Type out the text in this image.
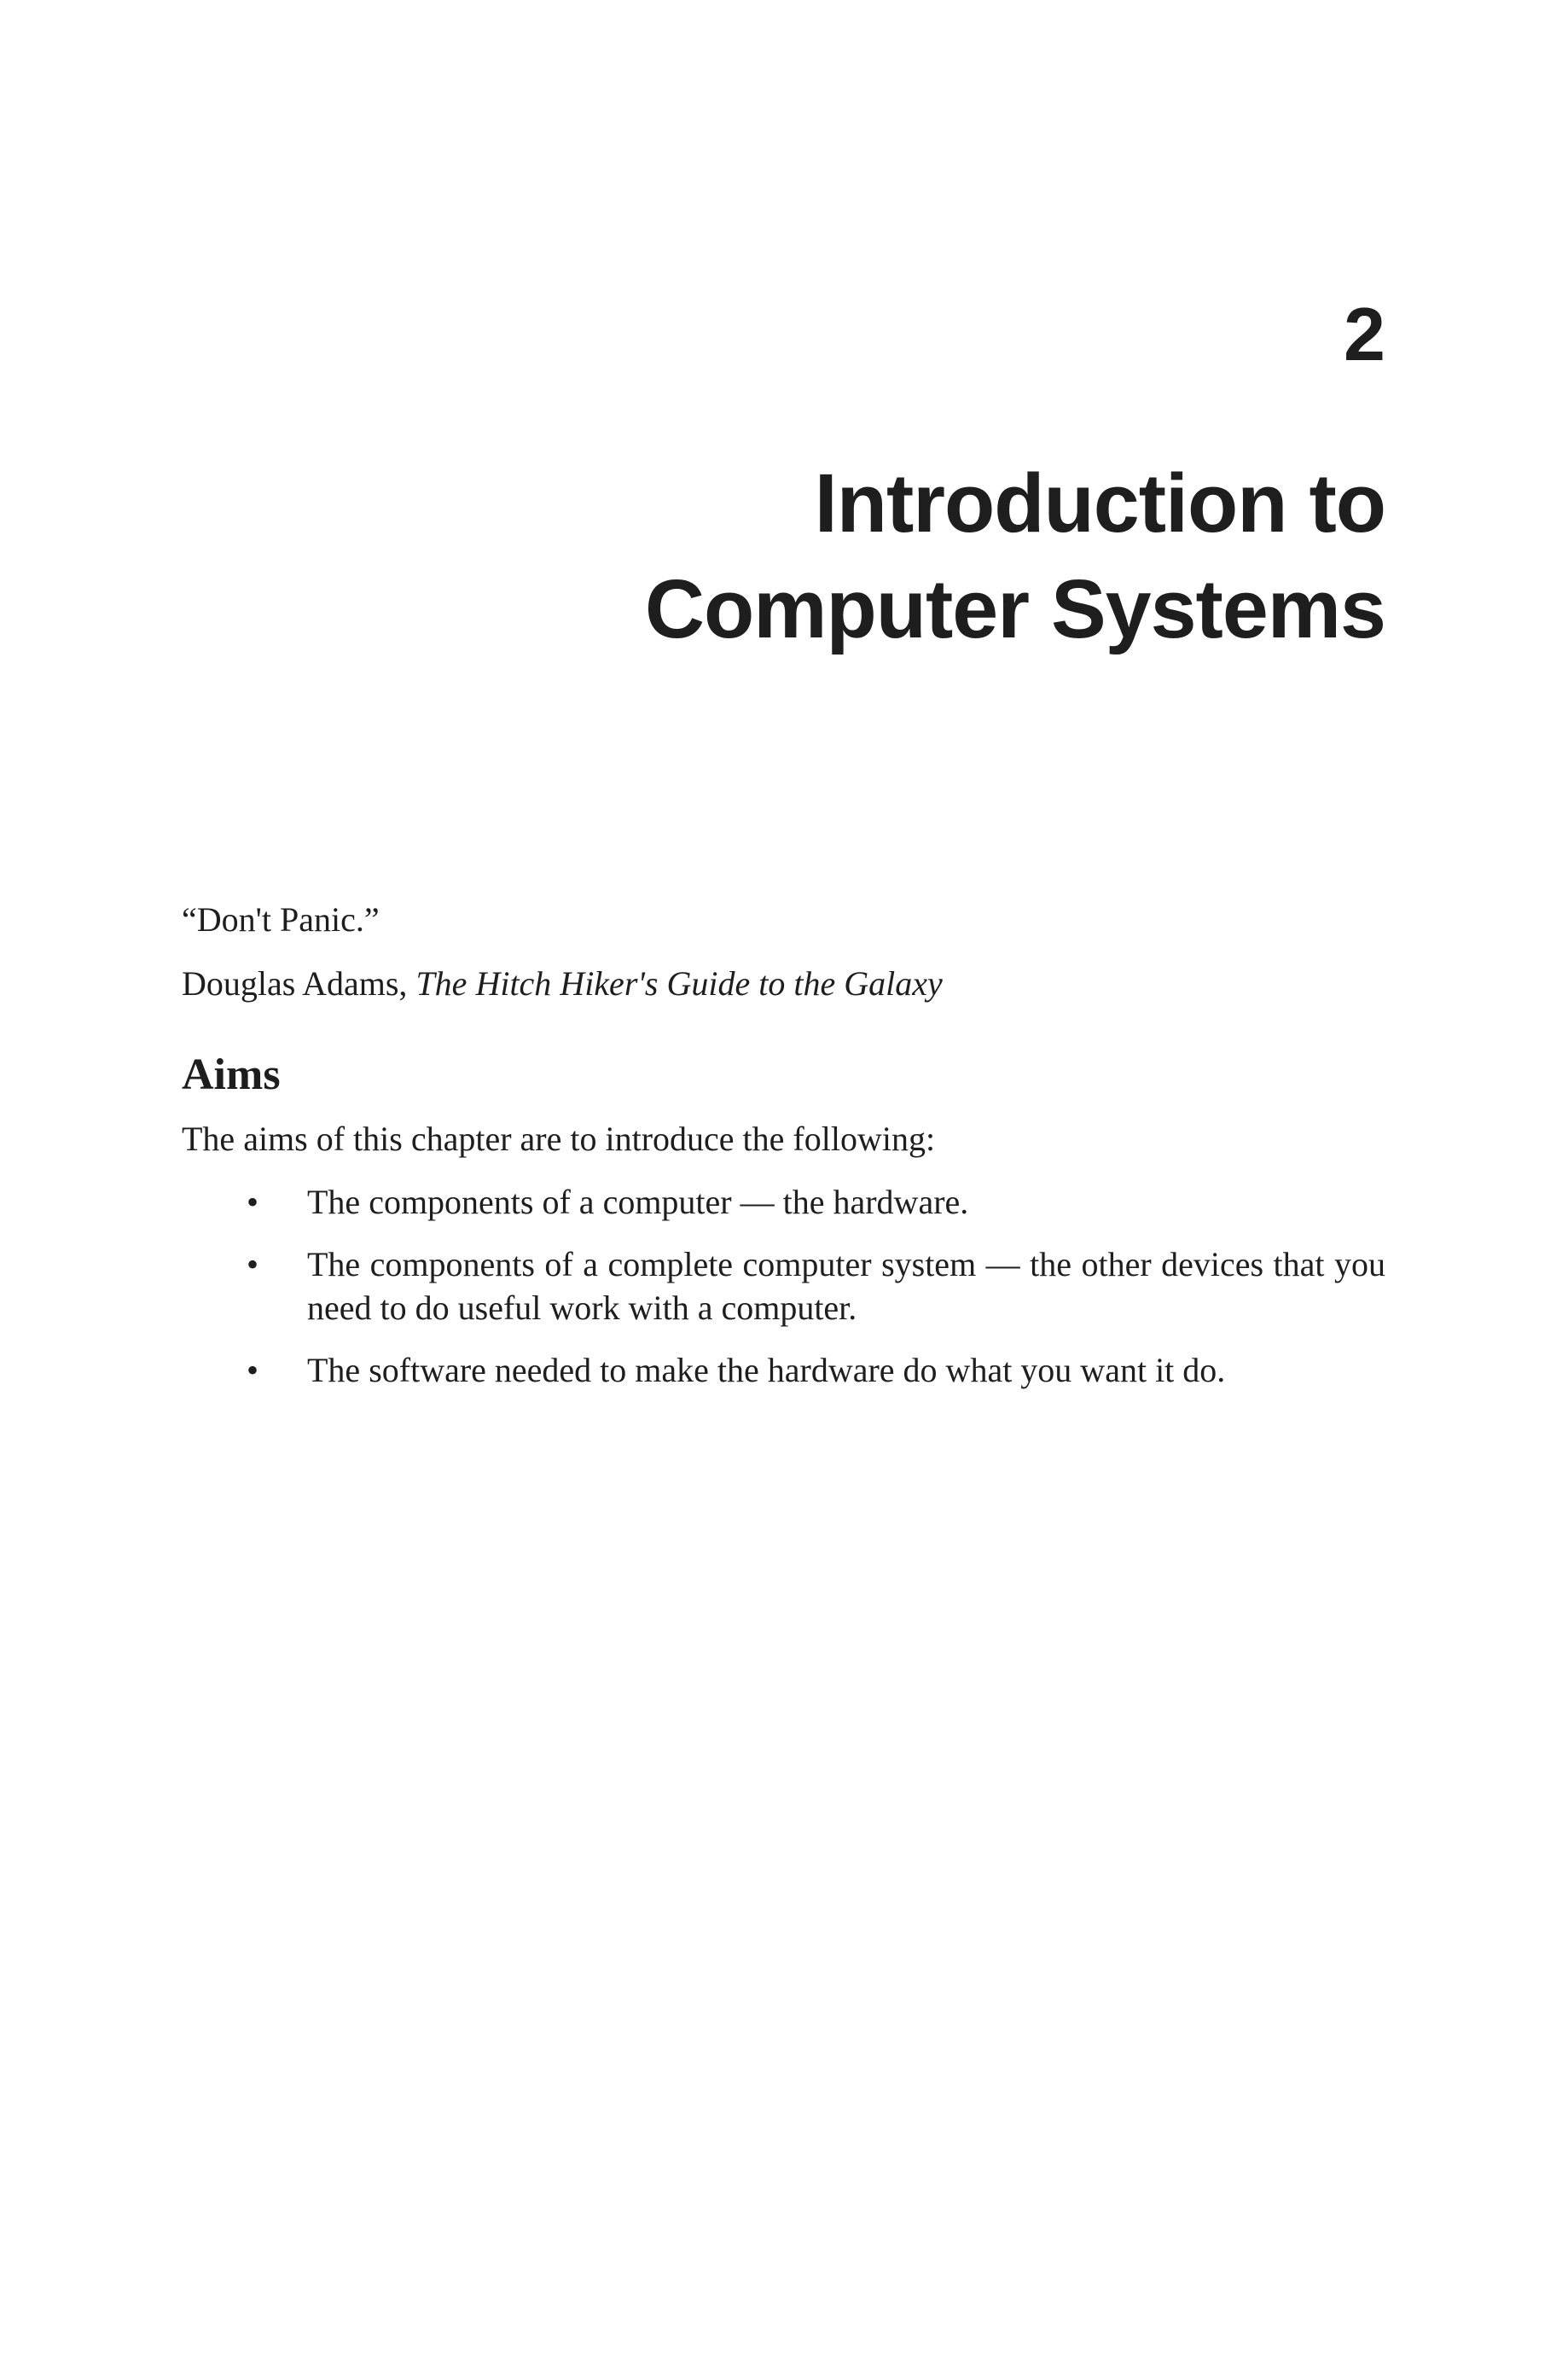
2
Introduction to
Computer Systems

“Don't Panic.”

Douglas Adams, The Hitch Hiker's Guide to the Galaxy

Aims

The aims of this chapter are to introduce the following:

• The components of a computer — the hardware.
• The components of a complete computer system — the other devices that you need to do useful work with a computer.
• The software needed to make the hardware do what you want it do.
